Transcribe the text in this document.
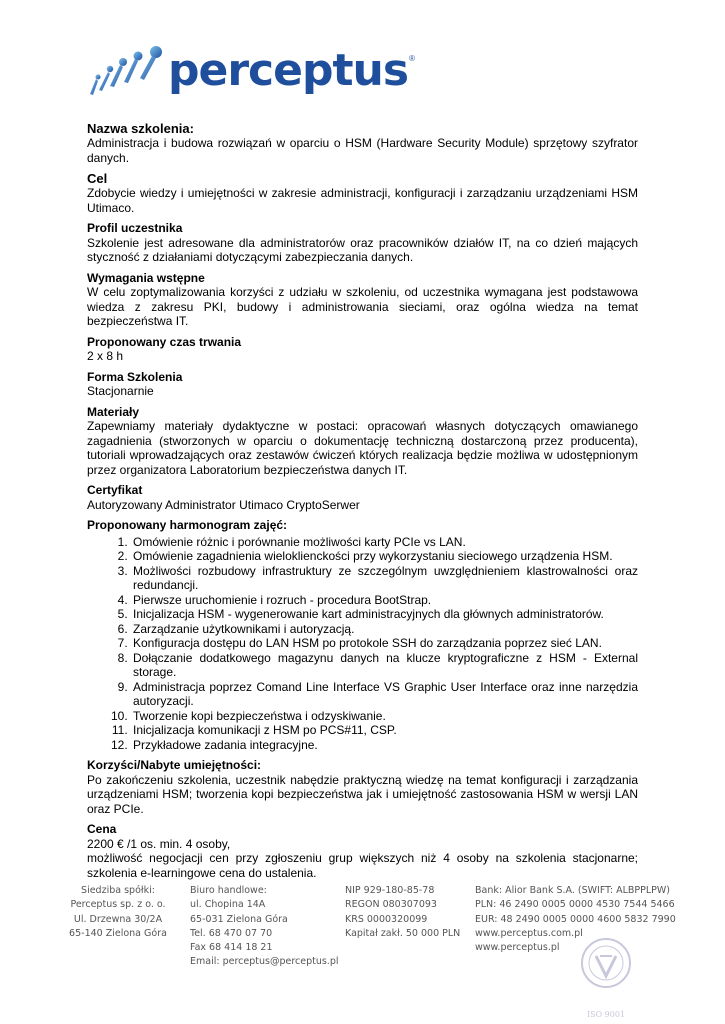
perceptus ®
Nazwa szkolenia:
Administracja i budowa rozwiązań w oparciu o HSM (Hardware Security Module) sprzętowy szyfrator danych.
Cel
Zdobycie wiedzy i umiejętności w zakresie administracji, konfiguracji i zarządzaniu urządzeniami HSM Utimaco.
Profil uczestnika
Szkolenie jest adresowane dla administratorów oraz pracowników działów IT, na co dzień mających styczność z działaniami dotyczącymi zabezpieczania danych.
Wymagania wstępne
W celu zoptymalizowania korzyści z udziału w szkoleniu, od uczestnika wymagana jest podstawowa wiedza z zakresu PKI, budowy i administrowania sieciami, oraz ogólna wiedza na temat bezpieczeństwa IT.
Proponowany czas trwania
2 x 8 h
Forma Szkolenia
Stacjonarnie
Materiały
Zapewniamy materiały dydaktyczne w postaci: opracowań własnych dotyczących omawianego zagadnienia (stworzonych w oparciu o dokumentację techniczną dostarczoną przez producenta), tutoriali wprowadzających oraz zestawów ćwiczeń których realizacja będzie możliwa w udostępnionym przez organizatora Laboratorium bezpieczeństwa danych IT.
Certyfikat
Autoryzowany Administrator Utimaco CryptoSerwer
Proponowany harmonogram zajęć:
1. Omówienie różnic i porównanie możliwości karty PCIe vs LAN.
2. Omówienie zagadnienia wieloklienckości przy wykorzystaniu sieciowego urządzenia HSM.
3. Możliwości rozbudowy infrastruktury ze szczególnym uwzględnieniem klastrowalności oraz redundancji.
4. Pierwsze uruchomienie i rozruch - procedura BootStrap.
5. Inicjalizacja HSM - wygenerowanie kart administracyjnych dla głównych administratorów.
6. Zarządzanie użytkownikami i autoryzacją.
7. Konfiguracja dostępu do LAN HSM po protokole SSH do zarządzania poprzez sieć LAN.
8. Dołączanie dodatkowego magazynu danych na klucze kryptograficzne z HSM - External storage.
9. Administracja poprzez Comand Line Interface VS Graphic User Interface oraz inne narzędzia autoryzacji.
10. Tworzenie kopi bezpieczeństwa i odzyskiwanie.
11. Inicjalizacja komunikacji z HSM po PCS#11, CSP.
12. Przykładowe zadania integracyjne.
Korzyści/Nabyte umiejętności:
Po zakończeniu szkolenia, uczestnik nabędzie praktyczną wiedzę na temat konfiguracji i zarządzania urządzeniami HSM; tworzenia kopi bezpieczeństwa jak i umiejętność zastosowania HSM w wersji LAN oraz PCIe.
Cena
2200 € /1 os. min. 4 osoby,
możliwość negocjacji cen przy zgłoszeniu grup większych niż 4 osoby na szkolenia stacjonarne; szkolenia e-learningowe cena do ustalenia.
Siedziba spółki:
Perceptus sp. z o. o.
Ul. Drzewna 30/2A
65-140 Zielona Góra
Biuro handlowe:
ul. Chopina 14A
65-031 Zielona Góra
Tel. 68 470 07 70
Fax 68 414 18 21
Email: perceptus@perceptus.pl
NIP 929-180-85-78
REGON 080307093
KRS 0000320099
Kapitał zakł. 50 000 PLN
Bank: Alior Bank S.A. (SWIFT: ALBPPLPW)
PLN: 46 2490 0005 0000 4530 7544 5466
EUR: 48 2490 0005 0000 4600 5832 7990
www.perceptus.com.pl
www.perceptus.pl
ISO 9001
